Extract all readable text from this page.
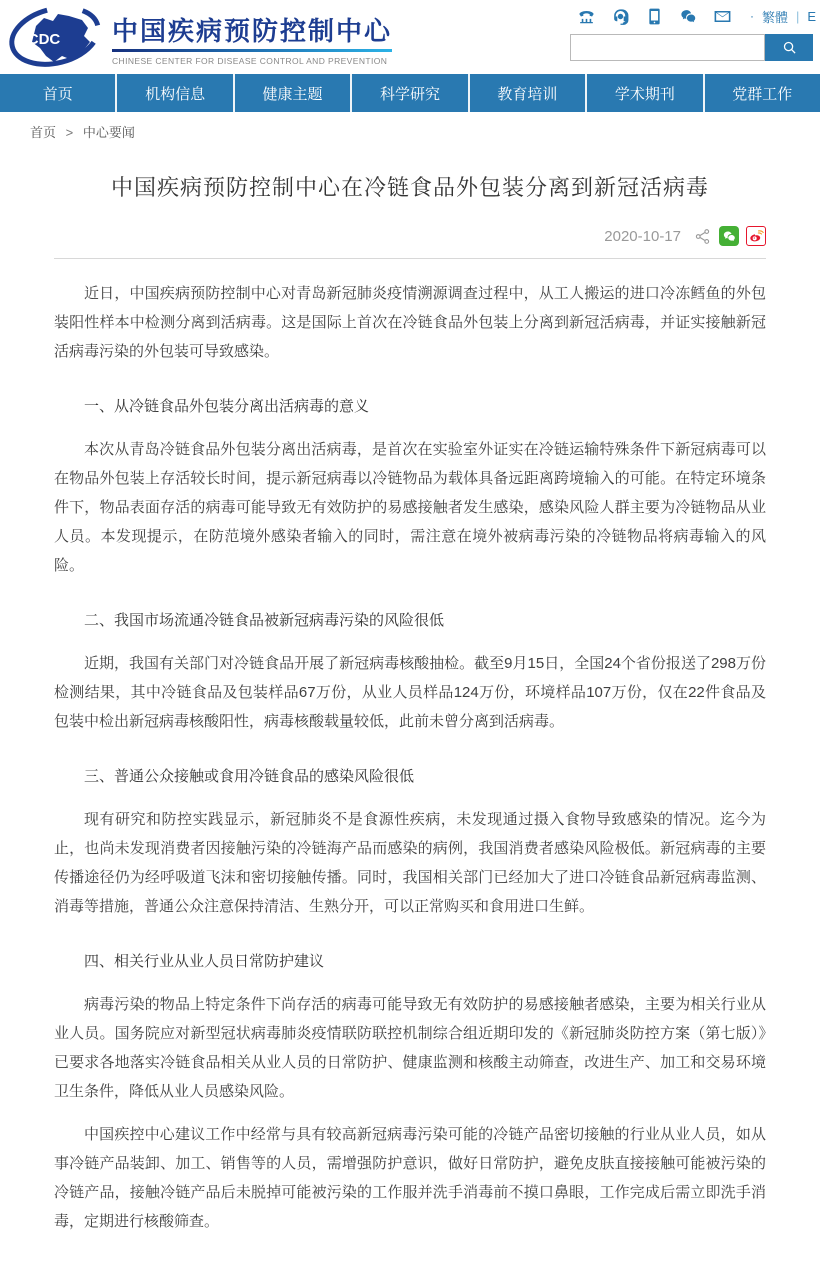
CDC 中国疾病预防控制中心
CHINESE CENTER FOR DISEASE CONTROL AND PREVENTION
· 繁體 | E
首页	机构信息	健康主题	科学研究	教育培训	学术期刊	党群工作
首页 > 中心要闻
中国疾病预防控制中心在冷链食品外包装分离到新冠活病毒
2020-10-17

近日，中国疾病预防控制中心对青岛新冠肺炎疫情溯源调查过程中，从工人搬运的进口冷冻鳕鱼的外包装阳性样本中检测分离到活病毒。这是国际上首次在冷链食品外包装上分离到新冠活病毒，并证实接触新冠活病毒污染的外包装可导致感染。

一、从冷链食品外包装分离出活病毒的意义

本次从青岛冷链食品外包装分离出活病毒，是首次在实验室外证实在冷链运输特殊条件下新冠病毒可以在物品外包装上存活较长时间，提示新冠病毒以冷链物品为载体具备远距离跨境输入的可能。在特定环境条件下，物品表面存活的病毒可能导致无有效防护的易感接触者发生感染，感染风险人群主要为冷链物品从业人员。本发现提示，在防范境外感染者输入的同时，需注意在境外被病毒污染的冷链物品将病毒输入的风险。

二、我国市场流通冷链食品被新冠病毒污染的风险很低

近期，我国有关部门对冷链食品开展了新冠病毒核酸抽检。截至9月15日，全国24个省份报送了298万份检测结果，其中冷链食品及包装样品67万份，从业人员样品124万份，环境样品107万份，仅在22件食品及包装中检出新冠病毒核酸阳性，病毒核酸载量较低，此前未曾分离到活病毒。

三、普通公众接触或食用冷链食品的感染风险很低

现有研究和防控实践显示，新冠肺炎不是食源性疾病，未发现通过摄入食物导致感染的情况。迄今为止，也尚未发现消费者因接触污染的冷链海产品而感染的病例，我国消费者感染风险极低。新冠病毒的主要传播途径仍为经呼吸道飞沫和密切接触传播。同时，我国相关部门已经加大了进口冷链食品新冠病毒监测、消毒等措施，普通公众注意保持清洁、生熟分开，可以正常购买和食用进口生鲜。

四、相关行业从业人员日常防护建议

病毒污染的物品上特定条件下尚存活的病毒可能导致无有效防护的易感接触者感染，主要为相关行业从业人员。国务院应对新型冠状病毒肺炎疫情联防联控机制综合组近期印发的《新冠肺炎防控方案（第七版）》已要求各地落实冷链食品相关从业人员的日常防护、健康监测和核酸主动筛查，改进生产、加工和交易环境卫生条件，降低从业人员感染风险。

中国疾控中心建议工作中经常与具有较高新冠病毒污染可能的冷链产品密切接触的行业从业人员，如从事冷链产品装卸、加工、销售等的人员，需增强防护意识，做好日常防护，避免皮肤直接接触可能被污染的冷链产品，接触冷链产品后未脱掉可能被污染的工作服并洗手消毒前不摸口鼻眼，工作完成后需立即洗手消毒，定期进行核酸筛查。
